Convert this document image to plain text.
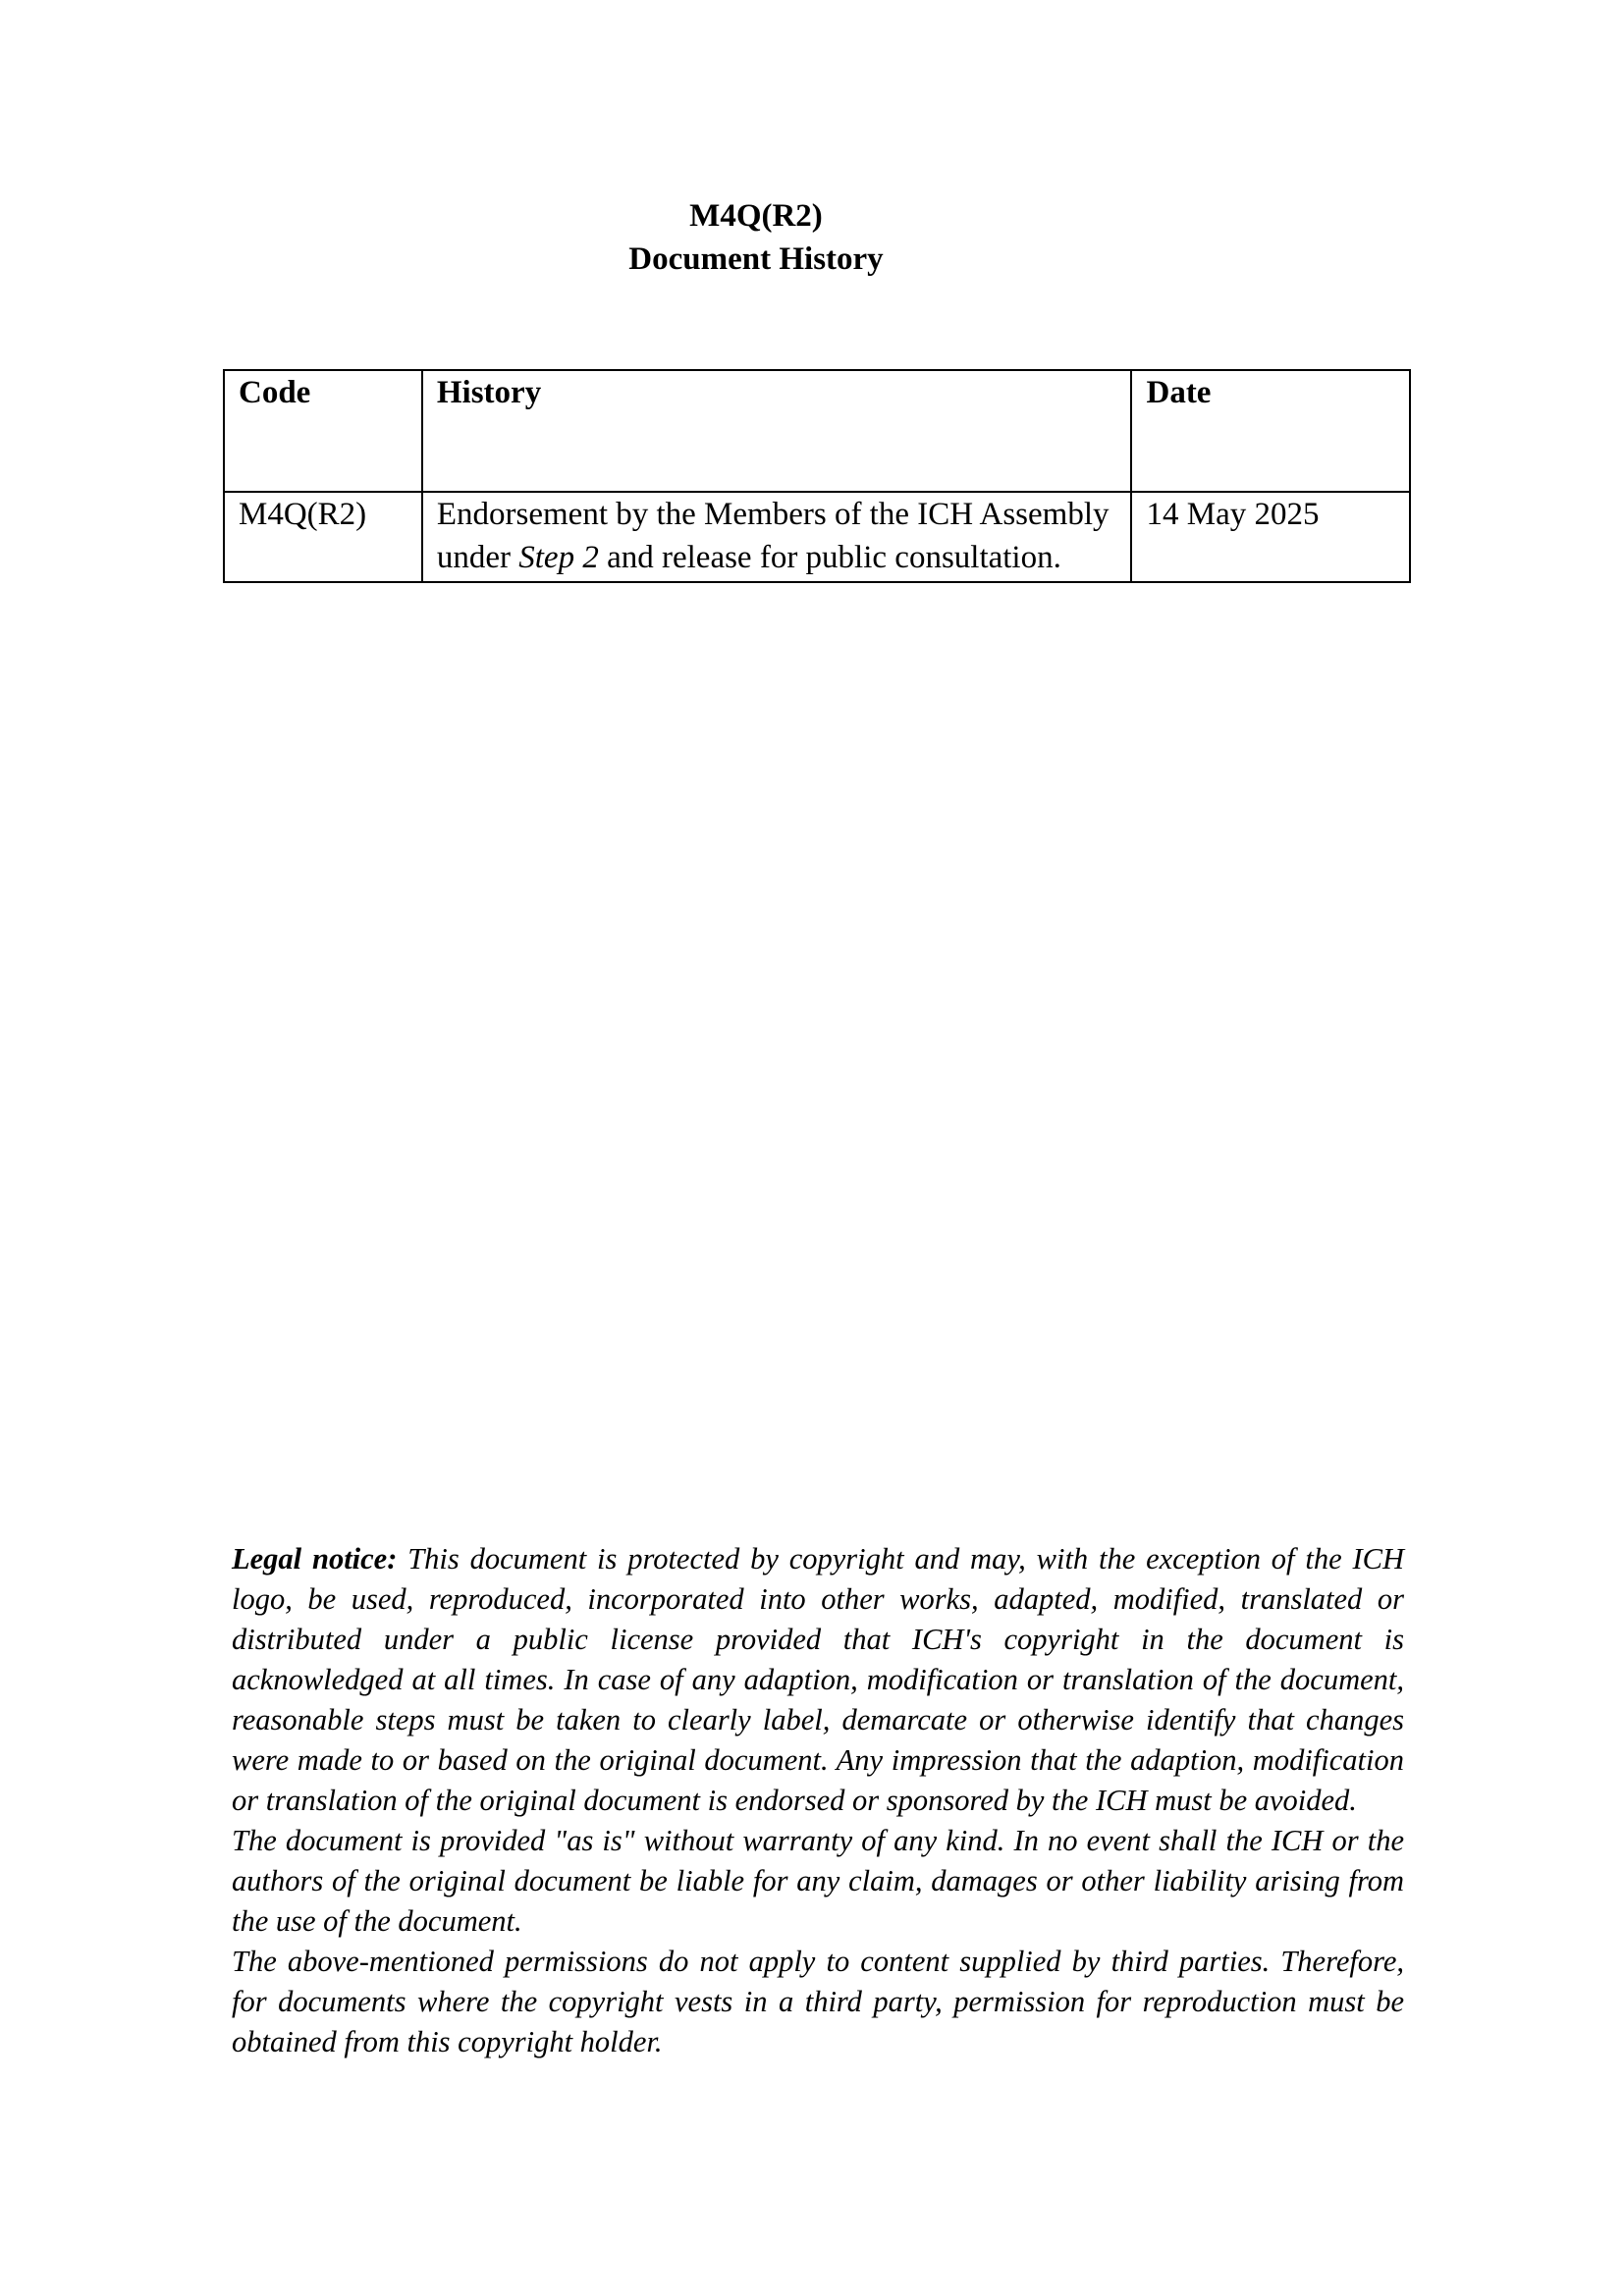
M4Q(R2)
Document History
Code	History	Date
M4Q(R2)	Endorsement by the Members of the ICH Assembly under Step 2 and release for public consultation.	14 May 2025

Legal notice: This document is protected by copyright and may, with the exception of the ICH logo, be used, reproduced, incorporated into other works, adapted, modified, translated or distributed under a public license provided that ICH's copyright in the document is acknowledged at all times. In case of any adaption, modification or translation of the document, reasonable steps must be taken to clearly label, demarcate or otherwise identify that changes were made to or based on the original document. Any impression that the adaption, modification or translation of the original document is endorsed or sponsored by the ICH must be avoided.

The document is provided "as is" without warranty of any kind. In no event shall the ICH or the authors of the original document be liable for any claim, damages or other liability arising from the use of the document.

The above-mentioned permissions do not apply to content supplied by third parties. Therefore, for documents where the copyright vests in a third party, permission for reproduction must be obtained from this copyright holder.
